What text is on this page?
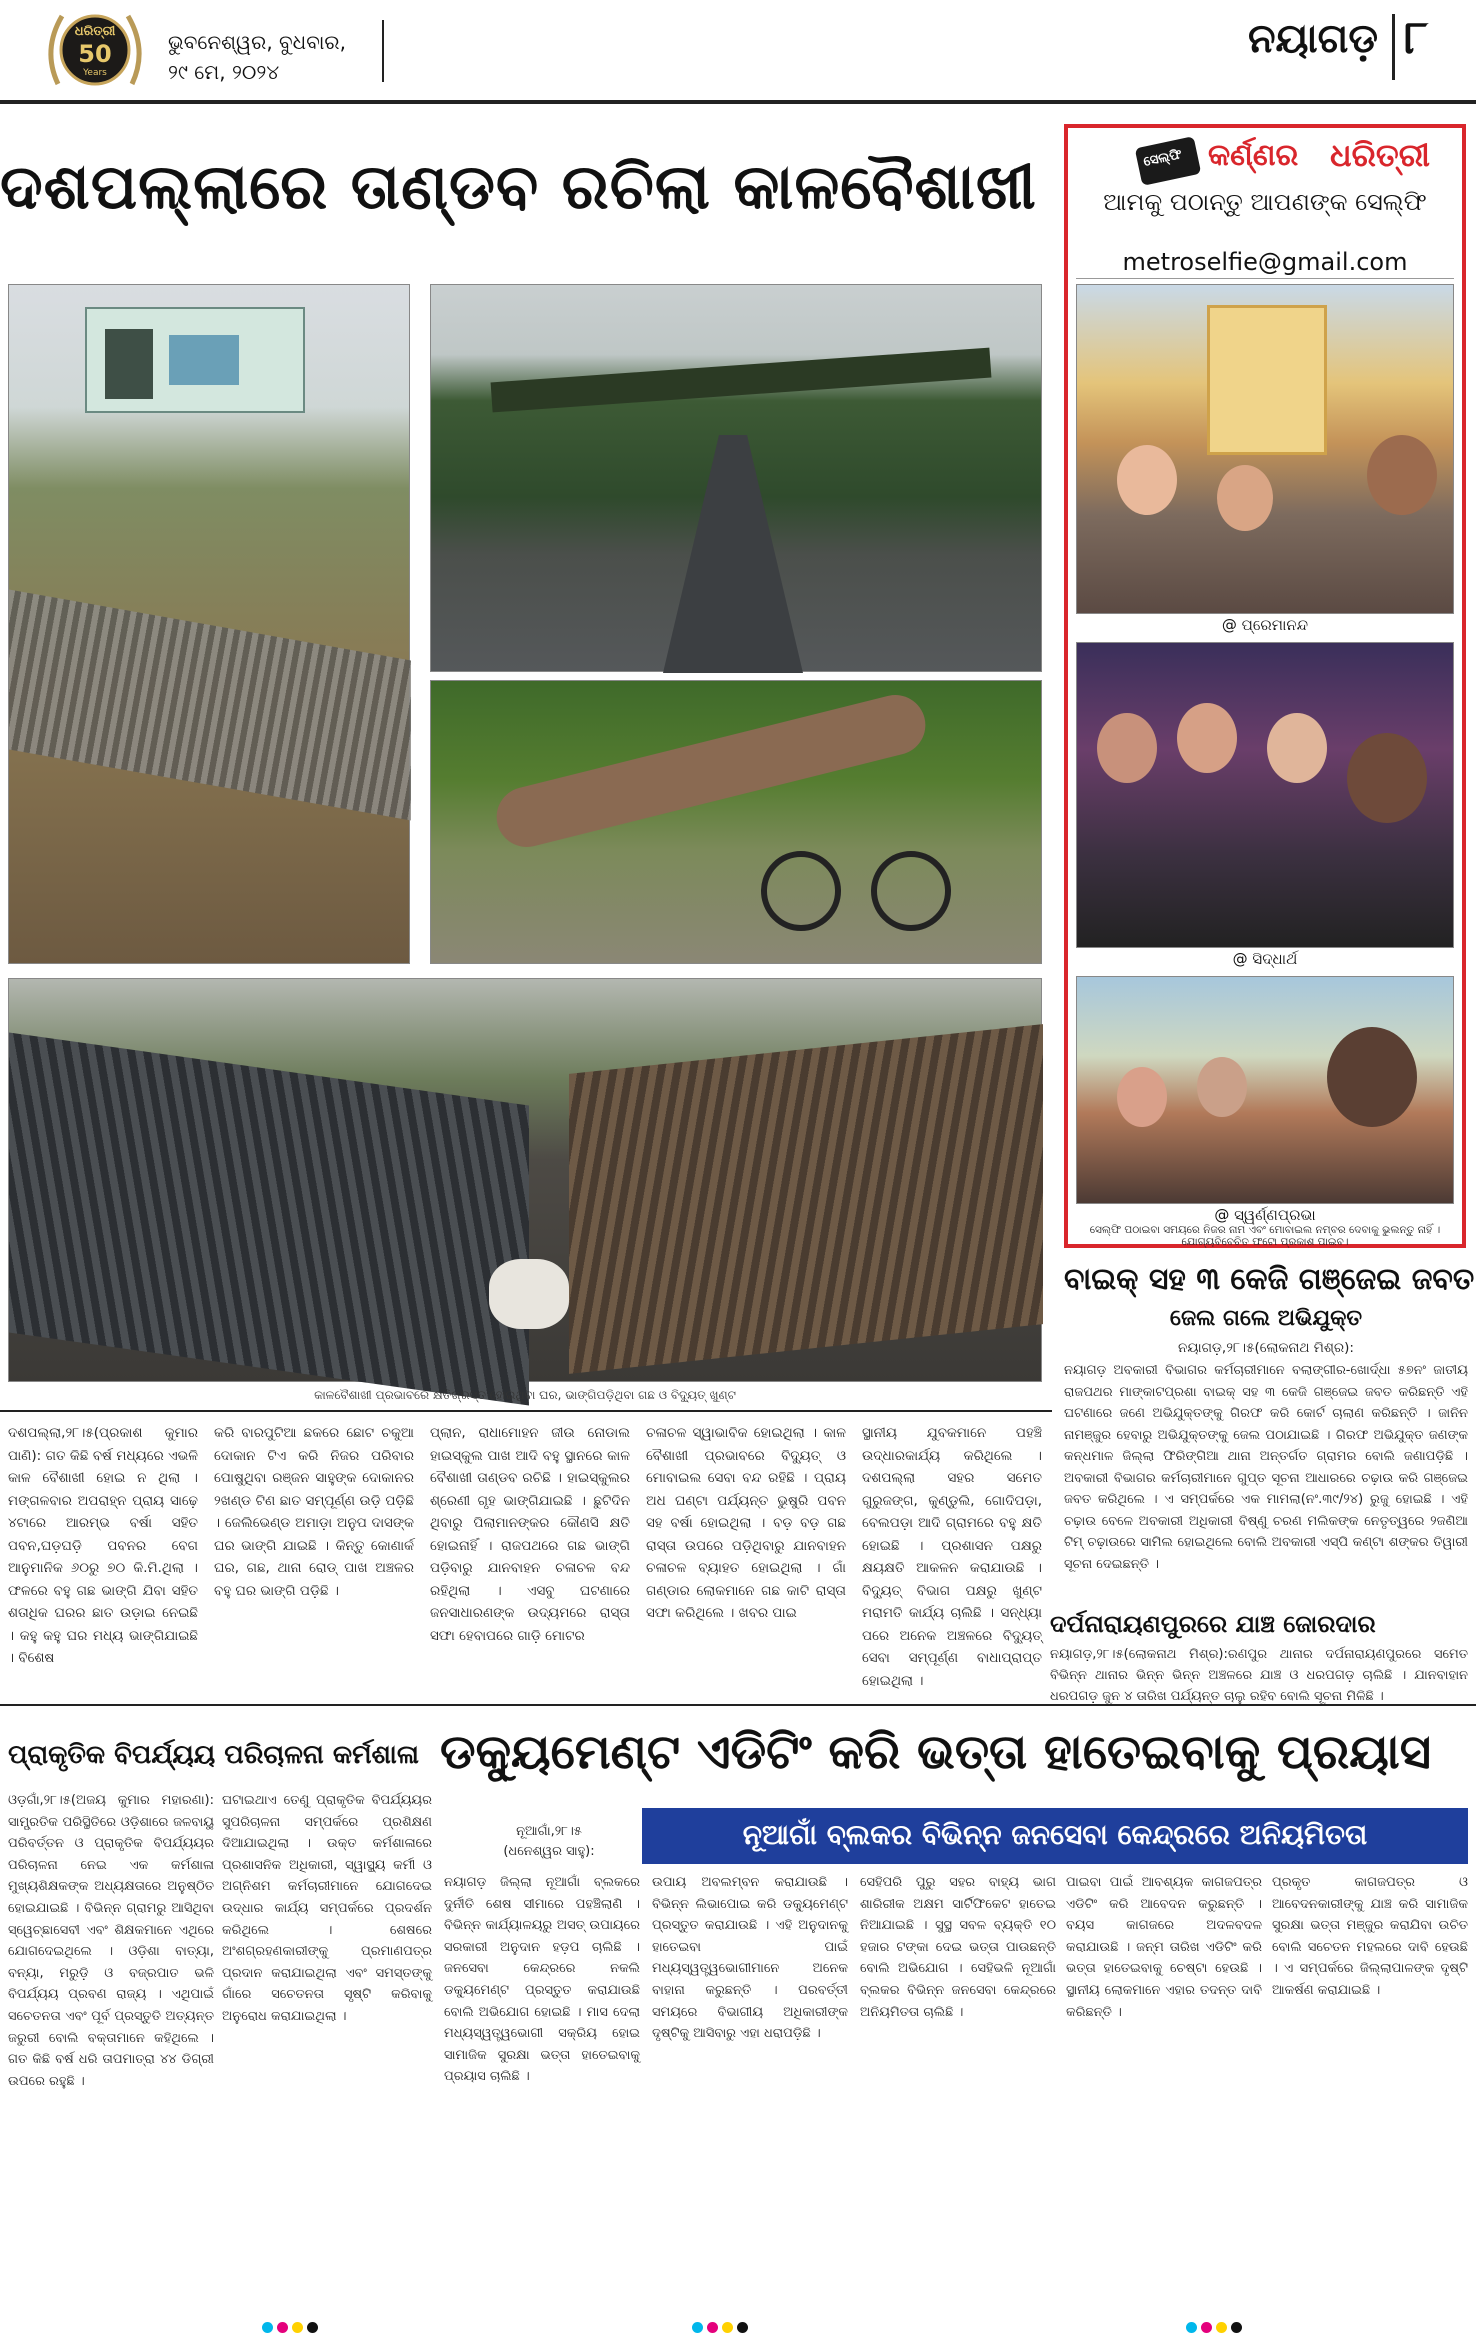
ଧରିତ୍ରୀ
50
Years
ଭୁବନେଶ୍ୱର, ବୁଧବାର,
୨୯ ମେ, ୨୦୨୪
ନୟାଗଡ଼ ୮
ଦଶପଲ୍ଲାରେ ତାଣ୍ଡବ ରଚିଲା କାଳବୈଶାଖୀ
କାଳବୈଶାଖୀ ପ୍ରଭାବରେ କ୍ଷତିଗ୍ରସ୍ତ ହୋଇଥିବା ଘର, ଭାଙ୍ଗିପଡ଼ିଥିବା ଗଛ ଓ ବିଦ୍ୟୁତ୍ ଖୁଣ୍ଟ

ଦଶପଲ୍ଲା,୨୮।୫(ପ୍ରକାଶ କୁମାର ପାଣି): ଗତ କିଛି ବର୍ଷ ମଧ୍ୟରେ ଏଭଳି କାଳ ବୈଶାଖୀ ହୋଇ ନ ଥିଲା । ମଙ୍ଗଳବାର ଅପରାହ୍ନ ପ୍ରାୟ ସାଢ଼େ ୪ଟାରେ ଆରମ୍ଭ ବର୍ଷା ସହିତ ପବନ,ଘଡ଼ଘଡ଼ି ପବନର ବେଗ ଆନୁମାନିକ ୬୦ରୁ ୭୦ କି.ମି.ଥିଲା । ଫଳରେ ବହୁ ଗଛ ଭାଙ୍ଗି ଯିବା ସହିତ ଶତାଧିକ ଘରର ଛାତ ଉଡ଼ାଇ ନେଇଛି । କହୁ କହୁ ଘର ମଧ୍ୟ ଭାଙ୍ଗିଯାଇଛି । ବିଶେଷ

କରି ବାରପୁଟିଆ ଛକରେ ଛୋଟ ଚକୁଆ ଦୋକାନ ଟିଏ କରି ନିଜର ପରିବାର ପୋଷୁଥିବା ରଞ୍ଜନ ସାହୁଙ୍କ ଦୋକାନର ୨ଖଣ୍ଡ ଟିଣ ଛାତ ସମ୍ପୂର୍ଣ୍ଣ ଉଡ଼ି ପଡ଼ିଛି । ଜେଲିଭେଣ୍ଡ ଅମାଡ଼ା ଅନୁପ ଦାସଙ୍କ ଘର ଭାଙ୍ଗି ଯାଇଛି । କିନ୍ତୁ କୋଣାର୍କ ଘର, ଗଛ, ଥାନା ରୋଡ୍ ପାଖ ଅଞ୍ଚଳର ବହୁ ଘର ଭାଙ୍ଗି ପଡ଼ିଛି ।

ପ୍ଲାନ, ରାଧାମୋହନ ଜୀଉ ନୋଡାଲ ହାଇସ୍କୁଲ ପାଖ ଆଦି ବହୁ ସ୍ଥାନରେ କାଳ ବୈଶାଖୀ ତାଣ୍ଡବ ରଚିଛି । ହାଇସ୍କୁଲର ଶ୍ରେଣୀ ଗୃହ ଭାଙ୍ଗିଯାଇଛି । ଛୁଟିଦିନ ଥିବାରୁ ପିଲାମାନଙ୍କର କୌଣସି କ୍ଷତି ହୋଇନାହିଁ । ରାଜପଥରେ ଗଛ ଭାଙ୍ଗି ପଡ଼ିବାରୁ ଯାନବାହନ ଚଳାଚଳ ବନ୍ଦ ରହିଥିଲା । ଏସବୁ ଘଟଣାରେ ଜନସାଧାରଣଙ୍କ ଉଦ୍ୟମରେ ରାସ୍ତା ସଫା ହେବାପରେ ଗାଡ଼ି ମୋଟର

ଚଳାଚଳ ସ୍ୱାଭାବିକ ହୋଇଥିଲା । କାଳ ବୈଶାଖୀ ପ୍ରଭାବରେ ବିଦ୍ୟୁତ୍ ଓ ମୋବାଇଲ ସେବା ବନ୍ଦ ରହିଛି । ପ୍ରାୟ ଅଧ ଘଣ୍ଟା ପର୍ଯ୍ୟନ୍ତ ଭୁଷୁରି ପବନ ସହ ବର୍ଷା ହୋଇଥିଲା । ବଡ଼ ବଡ଼ ଗଛ ରାସ୍ତା ଉପରେ ପଡ଼ିଥିବାରୁ ଯାନବାହନ ଚଳାଚଳ ବ୍ୟାହତ ହୋଇଥିଲା । ଗାଁ ଗଣ୍ଡାର ଲୋକମାନେ ଗଛ କାଟି ରାସ୍ତା ସଫା କରିଥିଲେ । ଖବର ପାଇ

ସ୍ଥାନୀୟ ଯୁବକମାନେ ପହଞ୍ଚି ଉଦ୍ଧାରକାର୍ଯ୍ୟ କରିଥିଲେ । ଦଶପଲ୍ଲା ସହର ସମେତ ଗୁରୁଜଙ୍ଗ, କୁଣ୍ଡୁଲି, ଗୋଦିପଡ଼ା, ବେଲପଡ଼ା ଆଦି ଗ୍ରାମରେ ବହୁ କ୍ଷତି ହୋଇଛି । ପ୍ରଶାସନ ପକ୍ଷରୁ କ୍ଷୟକ୍ଷତି ଆକଳନ କରାଯାଉଛି । ବିଦ୍ୟୁତ୍ ବିଭାଗ ପକ୍ଷରୁ ଖୁଣ୍ଟ ମରାମତି କାର୍ଯ୍ୟ ଚାଲିଛି । ସନ୍ଧ୍ୟା ପରେ ଅନେକ ଅଞ୍ଚଳରେ ବିଦ୍ୟୁତ୍ ସେବା ସମ୍ପୂର୍ଣ୍ଣ ବାଧାପ୍ରାପ୍ତ ହୋଇଥିଲା ।

ସେଲ୍ଫି କର୍ଣ୍ଣର ଧରିତ୍ରୀ
ଆମକୁ ପଠାନ୍ତୁ ଆପଣଙ୍କ ସେଲ୍ଫି
metroselfie@gmail.com
@ ପ୍ରେମାନନ୍ଦ
@ ସିଦ୍ଧାର୍ଥ
@ ସ୍ୱର୍ଣ୍ଣପ୍ରଭା
ସେଲ୍ଫି ପଠାଇବା ସମୟରେ ନିଜର ନାମ ଏବଂ ମୋବାଇଲ ନମ୍ବର ଦେବାକୁ ଭୁଲନ୍ତୁ ନାହିଁ । ଯୋଗ୍ୟବିବେଚିତ ଫଟୋ ପ୍ରକାଶ ପାଇବ।
ବାଇକ୍ ସହ ୩ କେଜି ଗଞ୍ଜେଇ ଜବତ
ଜେଲ ଗଲେ ଅଭିଯୁକ୍ତ
ନୟାଗଡ଼,୨୮।୫(ଲୋକନାଥ ମିଶ୍ର):

ନୟାଗଡ଼ ଅବକାରୀ ବିଭାଗର କର୍ମଚାରୀମାନେ ବଲାଙ୍ଗୀର-ଖୋର୍ଦ୍ଧା ୫୭ନଂ ଜାତୀୟ ରାଜପଥର ମାଙ୍କାଟପ୍ରଶା ବାଇକ୍ ସହ ୩ କେଜି ଗଞ୍ଜେଇ ଜବତ କରିଛନ୍ତି ଏହି ଘଟଣାରେ ଜଣେ ଅଭିଯୁକ୍ତଙ୍କୁ ଗିରଫ କରି କୋର୍ଟ ଚାଲାଣ କରିଛନ୍ତି । ଜାନିନ ନାମଞ୍ଜୁର ହେବାରୁ ଅଭିଯୁକ୍ତଙ୍କୁ ଜେଲ ପଠାଯାଇଛି । ଗିରଫ ଅଭିଯୁକ୍ତ ଜଣଙ୍କ କନ୍ଧମାଳ ଜିଲ୍ଲା ଫିରିଙ୍ଗିଆ ଥାନା ଅନ୍ତର୍ଗତ ଗ୍ରାମର ବୋଲି ଜଣାପଡ଼ିଛି । ଅବକାରୀ ବିଭାଗର କର୍ମଚାରୀମାନେ ଗୁପ୍ତ ସୂଚନା ଆଧାରରେ ଚଢ଼ାଉ କରି ଗଞ୍ଜେଇ ଜବତ କରିଥିଲେ । ଏ ସମ୍ପର୍କରେ ଏକ ମାମଲା(ନଂ.୩୯/୨୪) ରୁଜୁ ହୋଇଛି । ଏହି ଚଢ଼ାଉ ବେଳେ ଅବକାରୀ ଅଧିକାରୀ ବିଷ୍ଣୁ ଚରଣ ମଲିକଙ୍କ ନେତୃତ୍ୱରେ ୨ଜଣିଆ ଟିମ୍ ଚଢ଼ାଉରେ ସାମିଲ ହୋଇଥିଲେ ବୋଲି ଅବକାରୀ ଏସ୍‌ପି କଣ୍ଟା ଶଙ୍କର ତିୱାରୀ ସୂଚନା ଦେଇଛନ୍ତି ।

ଦର୍ପନାରାୟଣପୁରରେ ଯାଞ୍ଚ ଜୋରଦାର

ନୟାଗଡ଼,୨୮।୫(ଲୋକନାଥ ମିଶ୍ର):ରଣପୁର ଥାନାର ଦର୍ପନାରାୟଣପୁରରେ ସମେତ ବିଭିନ୍ନ ଥାନାର ଭିନ୍ନ ଭିନ୍ନ ଅଞ୍ଚଳରେ ଯାଞ୍ଚ ଓ ଧରପଗଡ଼ ଚାଲିଛି । ଯାନବାହାନ ଧରପଗଡ଼ ଜୁନ ୪ ତାରିଖ ପର୍ଯ୍ୟନ୍ତ ଚାଲୁ ରହିବ ବୋଲି ସୂଚନା ମିଳିଛି ।

ପ୍ରାକୃତିକ ବିପର୍ଯ୍ୟୟ ପରିଚାଳନା କର୍ମଶାଳା

ଓଡ଼ଗାଁ,୨୮।୫(ଅଜୟ କୁମାର ମହାରଣା): ସାମ୍ପ୍ରତିକ ପରିସ୍ଥିତିରେ ଓଡ଼ିଶାରେ ଜଳବାୟୁ ପରିବର୍ତ୍ତନ ଓ ପ୍ରାକୃତିକ ବିପର୍ଯ୍ୟୟର ପରିଚାଳନା ନେଇ ଏକ କର୍ମଶାଳା ମୁଖ୍ୟଶିକ୍ଷକଙ୍କ ଅଧ୍ୟକ୍ଷତାରେ ଅନୁଷ୍ଠିତ ହୋଇଯାଇଛି । ବିଭିନ୍ନ ଗ୍ରାମରୁ ଆସିଥିବା ସ୍ୱେଚ୍ଛାସେବୀ ଏବଂ ଶିକ୍ଷକମାନେ ଏଥିରେ ଯୋଗଦେଇଥିଲେ । ଓଡ଼ିଶା ବାତ୍ୟା, ବନ୍ୟା, ମରୁଡ଼ି ଓ ବଜ୍ରପାତ ଭଳି ବିପର୍ଯ୍ୟୟ ପ୍ରବଣ ରାଜ୍ୟ । ଏଥିପାଇଁ ସଚେତନତା ଏବଂ ପୂର୍ବ ପ୍ରସ୍ତୁତି ଅତ୍ୟନ୍ତ ଜରୁରୀ ବୋଲି ବକ୍ତାମାନେ କହିଥିଲେ । ଗତ କିଛି ବର୍ଷ ଧରି ତାପମାତ୍ରା ୪୪ ଡିଗ୍ରୀ ଉପରେ ରହୁଛି ।

ଘଟାଇଥାଏ ତେଣୁ ପ୍ରାକୃତିକ ବିପର୍ଯ୍ୟୟର ସୁପରିଚାଳନା ସମ୍ପର୍କରେ ପ୍ରଶିକ୍ଷଣ ଦିଆଯାଇଥିଲା । ଉକ୍ତ କର୍ମଶାଳାରେ ପ୍ରଶାସନିକ ଅଧିକାରୀ, ସ୍ୱାସ୍ଥ୍ୟ କର୍ମୀ ଓ ଅଗ୍ନିଶମ କର୍ମଚାରୀମାନେ ଯୋଗଦେଇ ଉଦ୍ଧାର କାର୍ଯ୍ୟ ସମ୍ପର୍କରେ ପ୍ରଦର୍ଶନ କରିଥିଲେ । ଶେଷରେ ଅଂଶଗ୍ରହଣକାରୀଙ୍କୁ ପ୍ରମାଣପତ୍ର ପ୍ରଦାନ କରାଯାଇଥିଲା ଏବଂ ସମସ୍ତଙ୍କୁ ଗାଁରେ ସଚେତନତା ସୃଷ୍ଟି କରିବାକୁ ଅନୁରୋଧ କରାଯାଇଥିଲା ।

ଡକ୍ୟୁମେଣ୍ଟ ଏଡିଟିଂ କରି ଭତ୍ତା ହାତେଇବାକୁ ପ୍ରୟାସ
ନୂଆଗାଁ,୨୮।୫
(ଧନେଶ୍ୱର ସାହୁ):
ନୂଆଗାଁ ବ୍ଲକର ବିଭିନ୍ନ ଜନସେବା କେନ୍ଦ୍ରରେ ଅନିୟମିତତା

ନୟାଗଡ଼ ଜିଲ୍ଲା ନୂଆଗାଁ ବ୍ଲକରେ ଦୁର୍ନୀତି ଶେଷ ସୀମାରେ ପହଞ୍ଚିଲାଣି । ବିଭିନ୍ନ କାର୍ଯ୍ୟାଳୟରୁ ଅସତ୍ ଉପାୟରେ ସରକାରୀ ଅନୁଦାନ ହଡ଼ପ ଚାଲିଛି । ଜନସେବା କେନ୍ଦ୍ରରେ ନକଲି ଡକ୍ୟୁମେଣ୍ଟ ପ୍ରସ୍ତୁତ କରାଯାଉଛି ବୋଲି ଅଭିଯୋଗ ହୋଇଛି । ମାସ ଦେଲା ମଧ୍ୟସ୍ୱତ୍ତ୍ୱଭୋଗୀ ସକ୍ରିୟ ହୋଇ ସାମାଜିକ ସୁରକ୍ଷା ଭତ୍ତା ହାତେଇବାକୁ ପ୍ରୟାସ ଚାଲିଛି ।

ଉପାୟ ଅବଲମ୍ବନ କରାଯାଉଛି । ବିଭିନ୍ନ ଲିଭାପୋଇ କରି ଡକ୍ୟୁମେଣ୍ଟ ପ୍ରସ୍ତୁତ କରାଯାଉଛି । ଏହି ଅନୁଦାନକୁ ହାତେଇବା ପାଇଁ ମଧ୍ୟସ୍ୱତ୍ତ୍ୱଭୋଗୀମାନେ ଅନେକ ବାହାନା କରୁଛନ୍ତି । ପରବର୍ତ୍ତୀ ସମୟରେ ବିଭାଗୀୟ ଅଧିକାରୀଙ୍କ ଦୃଷ୍ଟିକୁ ଆସିବାରୁ ଏହା ଧରାପଡ଼ିଛି ।

ସେହିପରି ପୁରୁ ସହର ବାହ୍ୟ ଭାଗ ଶାରିରୀକ ଅକ୍ଷମ ସାର୍ଟିଫିକେଟ ହାତେଇ ନିଆଯାଇଛି । ସୁସ୍ଥ ସବଳ ବ୍ୟକ୍ତି ୧୦ ହଜାର ଟଙ୍କା ଦେଇ ଭତ୍ତା ପାଉଛନ୍ତି ବୋଲି ଅଭିଯୋଗ । ସେହିଭଳି ନୂଆଗାଁ ବ୍ଲକର ବିଭିନ୍ନ ଜନସେବା କେନ୍ଦ୍ରରେ ଅନିୟମିତତା ଚାଲିଛି ।

ପାଇବା ପାଇଁ ଆବଶ୍ୟକ କାଗଜପତ୍ର ଏଡିଟିଂ କରି ଆବେଦନ କରୁଛନ୍ତି । ବୟସ କାଗଜରେ ଅଦଳବଦଳ କରାଯାଉଛି । ଜନ୍ମ ତାରିଖ ଏଡିଟିଂ କରି ଭତ୍ତା ହାତେଇବାକୁ ଚେଷ୍ଟା ହେଉଛି । ସ୍ଥାନୀୟ ଲୋକମାନେ ଏହାର ତଦନ୍ତ ଦାବି କରିଛନ୍ତି ।

ପ୍ରକୃତ କାଗଜପତ୍ର ଓ ଆବେଦନକାରୀଙ୍କୁ ଯାଞ୍ଚ କରି ସାମାଜିକ ସୁରକ୍ଷା ଭତ୍ତା ମଞ୍ଜୁର କରାଯିବା ଉଚିତ ବୋଲି ସଚେତନ ମହଲରେ ଦାବି ହେଉଛି । ଏ ସମ୍ପର୍କରେ ଜିଲ୍ଲାପାଳଙ୍କ ଦୃଷ୍ଟି ଆକର୍ଷଣ କରାଯାଇଛି ।
